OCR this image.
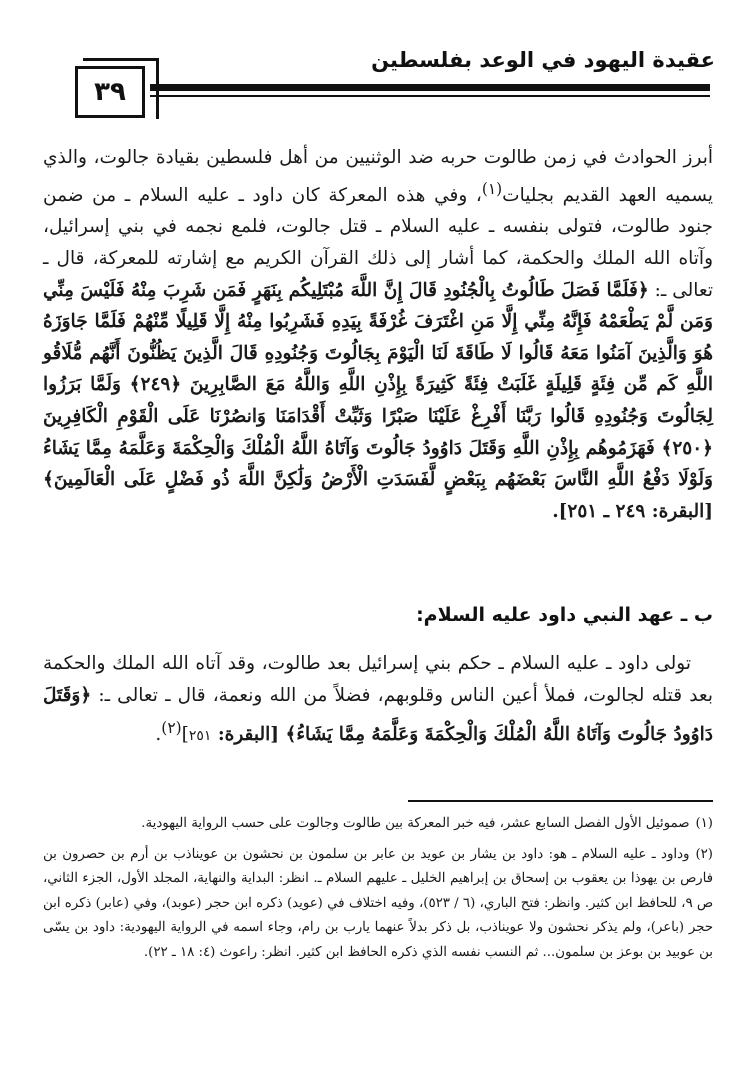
عقيدة اليهود في الوعد بفلسطين
٣٩

أبرز الحوادث في زمن طالوت حربه ضد الوثنيين من أهل فلسطين بقيادة جالوت، والذي يسميه العهد القديم بجليات$^{(١)}$، وفي هذه المعركة كان داود ـ عليه السلام ـ من ضمن جنود طالوت، فتولى بنفسه ـ عليه السلام ـ قتل جالوت، فلمع نجمه في بني إسرائيل، وآتاه الله الملك والحكمة، كما أشار إلى ذلك القرآن الكريم مع إشارته للمعركة، قال ـ تعالى ـ: ﴿فَلَمَّا فَصَلَ طَالُوتُ بِالْجُنُودِ قَالَ إِنَّ اللَّهَ مُبْتَلِيكُم بِنَهَرٍ فَمَن شَرِبَ مِنْهُ فَلَيْسَ مِنِّي وَمَن لَّمْ يَطْعَمْهُ فَإِنَّهُ مِنِّي إِلَّا مَنِ اغْتَرَفَ غُرْفَةً بِيَدِهِ فَشَرِبُوا مِنْهُ إِلَّا قَلِيلًا مِّنْهُمْ فَلَمَّا جَاوَزَهُ هُوَ وَالَّذِينَ آمَنُوا مَعَهُ قَالُوا لَا طَاقَةَ لَنَا الْيَوْمَ بِجَالُوتَ وَجُنُودِهِ قَالَ الَّذِينَ يَظُنُّونَ أَنَّهُم مُّلَاقُو اللَّهِ كَم مِّن فِئَةٍ قَلِيلَةٍ غَلَبَتْ فِئَةً كَثِيرَةً بِإِذْنِ اللَّهِ وَاللَّهُ مَعَ الصَّابِرِينَ ﴿٢٤٩﴾ وَلَمَّا بَرَزُوا لِجَالُوتَ وَجُنُودِهِ قَالُوا رَبَّنَا أَفْرِغْ عَلَيْنَا صَبْرًا وَثَبِّتْ أَقْدَامَنَا وَانصُرْنَا عَلَى الْقَوْمِ الْكَافِرِينَ ﴿٢٥٠﴾ فَهَزَمُوهُم بِإِذْنِ اللَّهِ وَقَتَلَ دَاوُودُ جَالُوتَ وَآتَاهُ اللَّهُ الْمُلْكَ وَالْحِكْمَةَ وَعَلَّمَهُ مِمَّا يَشَاءُ وَلَوْلَا دَفْعُ اللَّهِ النَّاسَ بَعْضَهُم بِبَعْضٍ لَّفَسَدَتِ الْأَرْضُ وَلَٰكِنَّ اللَّهَ ذُو فَضْلٍ عَلَى الْعَالَمِينَ﴾ [البقرة: ٢٤٩ ـ ٢٥١].

ب ـ عهد النبي داود عليه السلام:

تولى داود ـ عليه السلام ـ حكم بني إسرائيل بعد طالوت، وقد آتاه الله الملك والحكمة بعد قتله لجالوت، فملأ أعين الناس وقلوبهم، فضلاً من الله ونعمة، قال ـ تعالى ـ: ﴿وَقَتَلَ دَاوُودُ جَالُوتَ وَآتَاهُ اللَّهُ الْمُلْكَ وَالْحِكْمَةَ وَعَلَّمَهُ مِمَّا يَشَاءُ﴾ [البقرة: ٢٥١]$^{(٢)}$.

(١)صموئيل الأول الفصل السابع عشر، فيه خبر المعركة بين طالوت وجالوت على حسب الرواية اليهودية.

(٢)وداود ـ عليه السلام ـ هو: داود بن يشار بن عويد بن عابر بن سلمون بن نحشون بن عويناذب بن أرم بن حصرون بن فارص بن يهوذا بن يعقوب بن إسحاق بن إبراهيم الخليل ـ عليهم السلام ـ. انظر: البداية والنهاية، المجلد الأول، الجزء الثاني، ص ٩، للحافظ ابن كثير. وانظر: فتح الباري، (٦ / ٥٢٣)، وفيه اختلاف في (عويد) ذكره ابن حجر (عوبد)، وفي (عابر) ذكره ابن حجر (باعر)، ولم يذكر نحشون ولا عويناذب، بل ذكر بدلاً عنهما يارب بن رام، وجاء اسمه في الرواية اليهودية: داود بن يسّى بن عوبيد بن بوعز بن سلمون... ثم النسب نفسه الذي ذكره الحافظ ابن كثير. انظر: راعوث (٤: ١٨ ـ ٢٢).
